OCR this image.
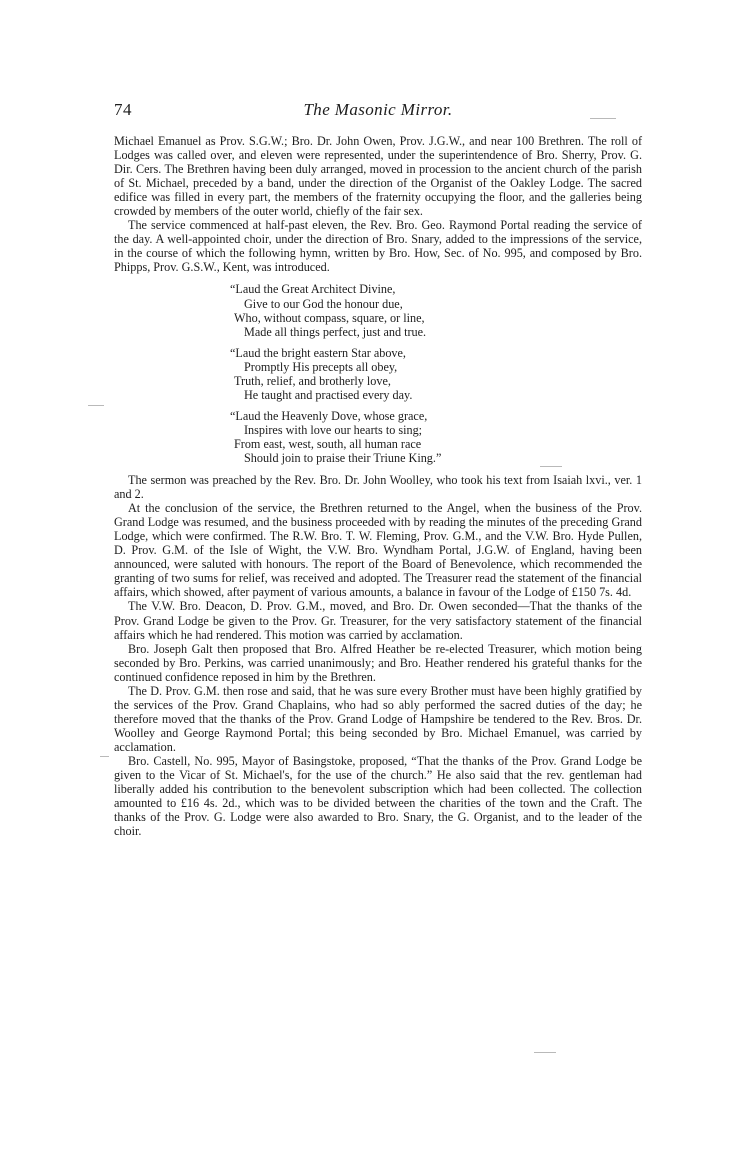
74	The Masonic Mirror.

Michael Emanuel as Prov. S.G.W.; Bro. Dr. John Owen, Prov. J.G.W., and near 100 Brethren. The roll of Lodges was called over, and eleven were represented, under the superintendence of Bro. Sherry, Prov. G. Dir. Cers. The Brethren having been duly arranged, moved in procession to the ancient church of the parish of St. Michael, preceded by a band, under the direction of the Organist of the Oakley Lodge. The sacred edifice was filled in every part, the members of the fraternity occupying the floor, and the galleries being crowded by members of the outer world, chiefly of the fair sex.

The service commenced at half-past eleven, the Rev. Bro. Geo. Raymond Portal reading the service of the day. A well-appointed choir, under the direction of Bro. Snary, added to the impressions of the service, in the course of which the following hymn, written by Bro. How, Sec. of No. 995, and composed by Bro. Phipps, Prov. G.S.W., Kent, was introduced.

“Laud the Great Architect Divine,
Give to our God the honour due,
Who, without compass, square, or line,
Made all things perfect, just and true.
“Laud the bright eastern Star above,
Promptly His precepts all obey,
Truth, relief, and brotherly love,
He taught and practised every day.
“Laud the Heavenly Dove, whose grace,
Inspires with love our hearts to sing;
From east, west, south, all human race
Should join to praise their Triune King.”

The sermon was preached by the Rev. Bro. Dr. John Woolley, who took his text from Isaiah lxvi., ver. 1 and 2.

At the conclusion of the service, the Brethren returned to the Angel, when the business of the Prov. Grand Lodge was resumed, and the business proceeded with by reading the minutes of the preceding Grand Lodge, which were confirmed. The R.W. Bro. T. W. Fleming, Prov. G.M., and the V.W. Bro. Hyde Pullen, D. Prov. G.M. of the Isle of Wight, the V.W. Bro. Wyndham Portal, J.G.W. of England, having been announced, were saluted with honours. The report of the Board of Benevolence, which recommended the granting of two sums for relief, was received and adopted. The Treasurer read the statement of the financial affairs, which showed, after payment of various amounts, a balance in favour of the Lodge of £150 7s. 4d.

The V.W. Bro. Deacon, D. Prov. G.M., moved, and Bro. Dr. Owen seconded—That the thanks of the Prov. Grand Lodge be given to the Prov. Gr. Treasurer, for the very satisfactory statement of the financial affairs which he had rendered. This motion was carried by acclamation.

Bro. Joseph Galt then proposed that Bro. Alfred Heather be re-elected Treasurer, which motion being seconded by Bro. Perkins, was carried unanimously; and Bro. Heather rendered his grateful thanks for the continued confidence reposed in him by the Brethren.

The D. Prov. G.M. then rose and said, that he was sure every Brother must have been highly gratified by the services of the Prov. Grand Chaplains, who had so ably performed the sacred duties of the day; he therefore moved that the thanks of the Prov. Grand Lodge of Hampshire be tendered to the Rev. Bros. Dr. Woolley and George Raymond Portal; this being seconded by Bro. Michael Emanuel, was carried by acclamation.

Bro. Castell, No. 995, Mayor of Basingstoke, proposed, “That the thanks of the Prov. Grand Lodge be given to the Vicar of St. Michael's, for the use of the church.” He also said that the rev. gentleman had liberally added his contribution to the benevolent subscription which had been collected. The collection amounted to £16 4s. 2d., which was to be divided between the charities of the town and the Craft. The thanks of the Prov. G. Lodge were also awarded to Bro. Snary, the G. Organist, and to the leader of the choir.
